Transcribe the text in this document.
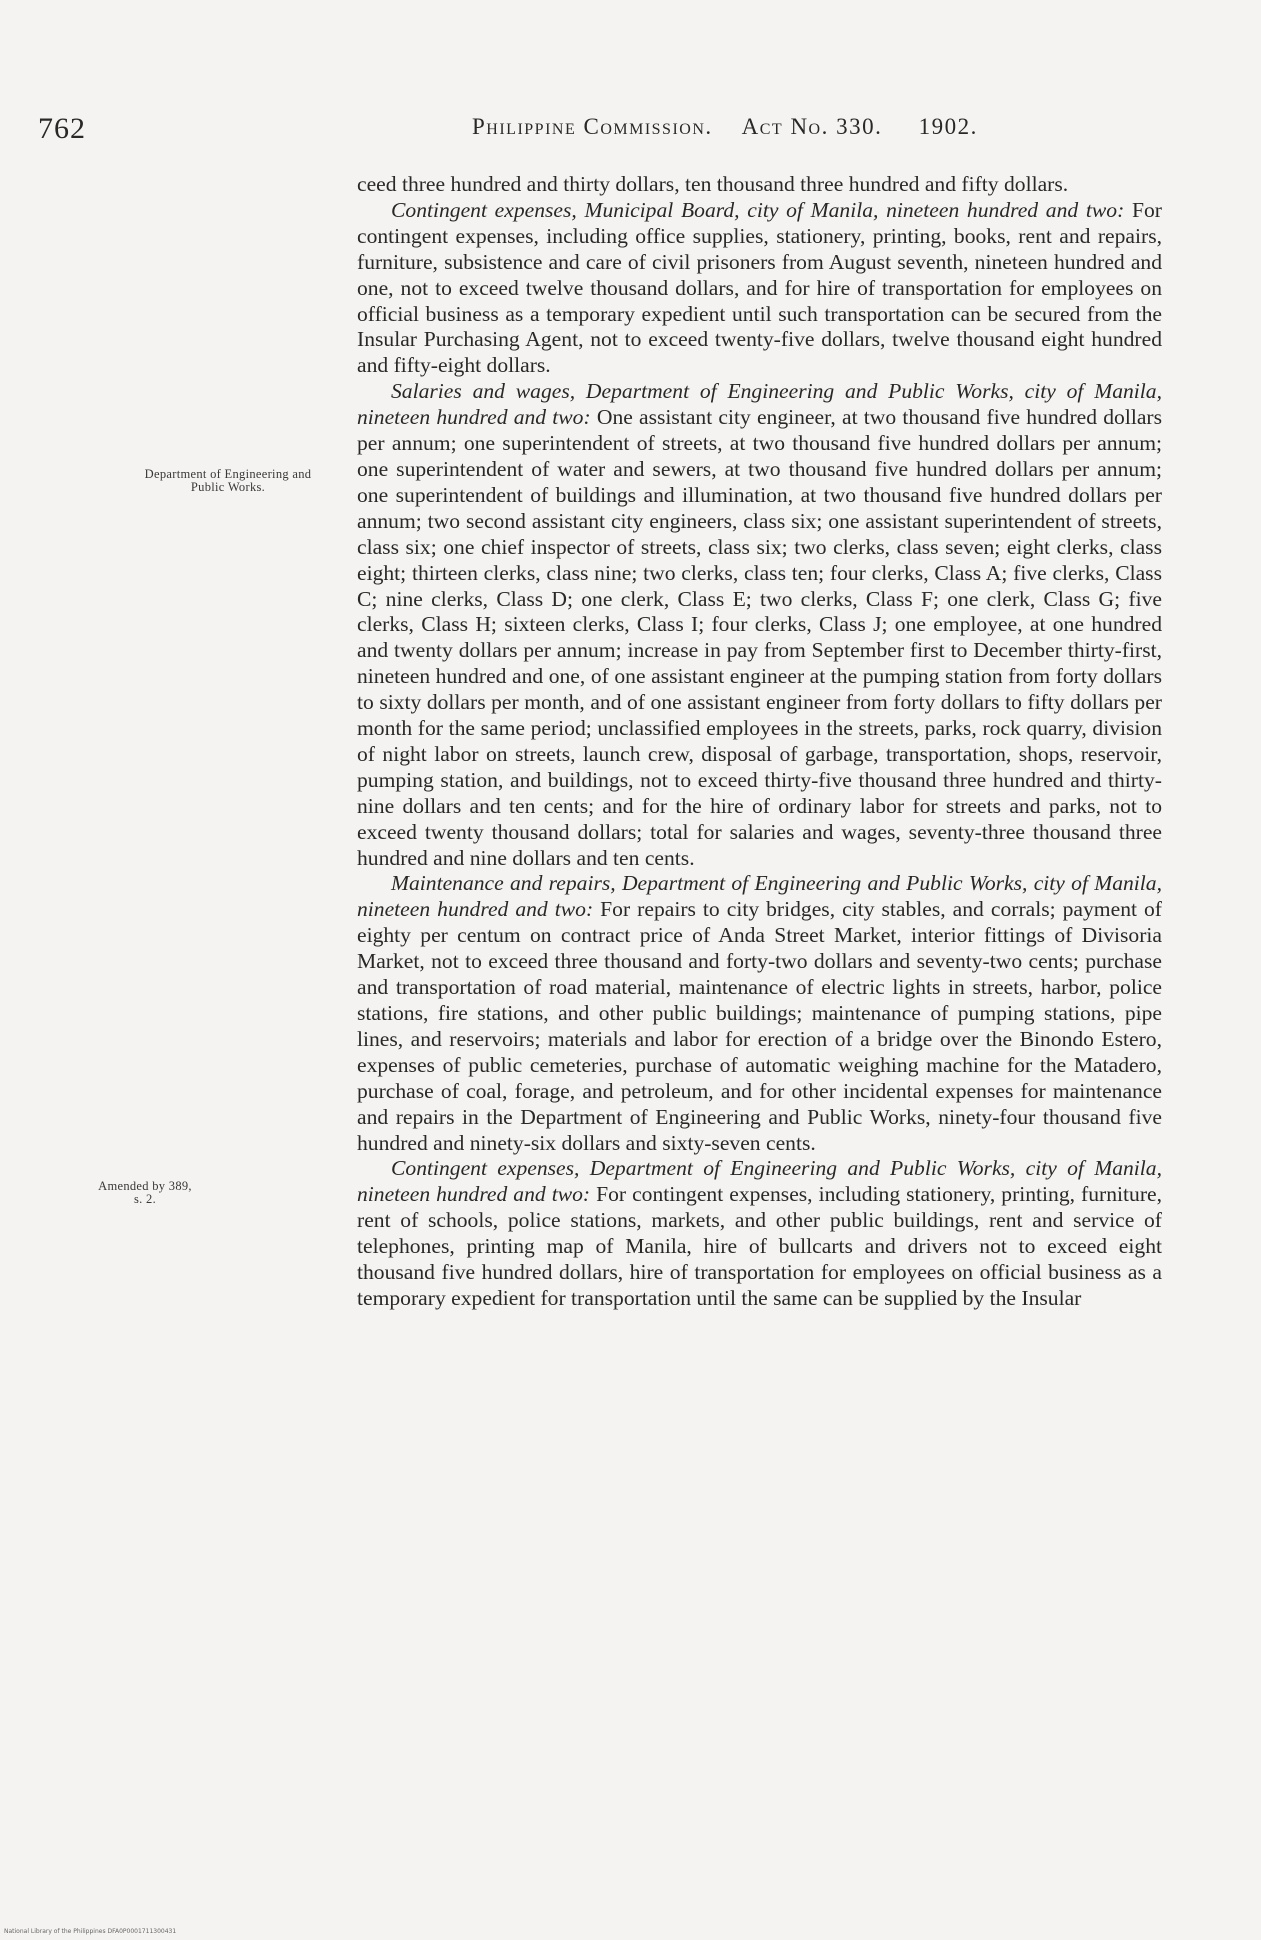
762	Philippine Commission. Act No. 330. 1902.
Department of Engineering and Public Works.
Amended by 389, s. 2.

ceed three hundred and thirty dollars, ten thousand three hundred and fifty dollars.

Contingent expenses, Municipal Board, city of Manila, nineteen hundred and two: For contingent expenses, including office supplies, stationery, printing, books, rent and repairs, furniture, subsistence and care of civil prisoners from August seventh, nineteen hundred and one, not to exceed twelve thousand dollars, and for hire of transportation for employees on official business as a temporary expedient until such transportation can be secured from the Insular Purchasing Agent, not to exceed twenty-five dollars, twelve thousand eight hundred and fifty-eight dollars.

Salaries and wages, Department of Engineering and Public Works, city of Manila, nineteen hundred and two: One assistant city engineer, at two thousand five hundred dollars per annum; one superintendent of streets, at two thousand five hundred dollars per annum; one superintendent of water and sewers, at two thousand five hundred dollars per annum; one superintendent of buildings and illumination, at two thousand five hundred dollars per annum; two second assistant city engineers, class six; one assistant superintendent of streets, class six; one chief inspector of streets, class six; two clerks, class seven; eight clerks, class eight; thirteen clerks, class nine; two clerks, class ten; four clerks, Class A; five clerks, Class C; nine clerks, Class D; one clerk, Class E; two clerks, Class F; one clerk, Class G; five clerks, Class H; sixteen clerks, Class I; four clerks, Class J; one employee, at one hundred and twenty dollars per annum; increase in pay from September first to December thirty-first, nineteen hundred and one, of one assistant engineer at the pumping station from forty dollars to sixty dollars per month, and of one assistant engineer from forty dollars to fifty dollars per month for the same period; unclassified employees in the streets, parks, rock quarry, division of night labor on streets, launch crew, disposal of garbage, transportation, shops, reservoir, pumping station, and buildings, not to exceed thirty-five thousand three hundred and thirty-nine dollars and ten cents; and for the hire of ordinary labor for streets and parks, not to exceed twenty thousand dollars; total for salaries and wages, seventy-three thousand three hundred and nine dollars and ten cents.

Maintenance and repairs, Department of Engineering and Public Works, city of Manila, nineteen hundred and two: For repairs to city bridges, city stables, and corrals; payment of eighty per centum on contract price of Anda Street Market, interior fittings of Divisoria Market, not to exceed three thousand and forty-two dollars and seventy-two cents; purchase and transportation of road material, maintenance of electric lights in streets, harbor, police stations, fire stations, and other public buildings; maintenance of pumping stations, pipe lines, and reservoirs; materials and labor for erection of a bridge over the Binondo Estero, expenses of public cemeteries, purchase of automatic weighing machine for the Matadero, purchase of coal, forage, and petroleum, and for other incidental expenses for maintenance and repairs in the Department of Engineering and Public Works, ninety-four thousand five hundred and ninety-six dollars and sixty-seven cents.

Contingent expenses, Department of Engineering and Public Works, city of Manila, nineteen hundred and two: For contingent expenses, including stationery, printing, furniture, rent of schools, police stations, markets, and other public buildings, rent and service of telephones, printing map of Manila, hire of bullcarts and drivers not to exceed eight thousand five hundred dollars, hire of transportation for employees on official business as a temporary expedient for transportation until the same can be supplied by the Insular

National Library of the Philippines DFA0P0001711300431
